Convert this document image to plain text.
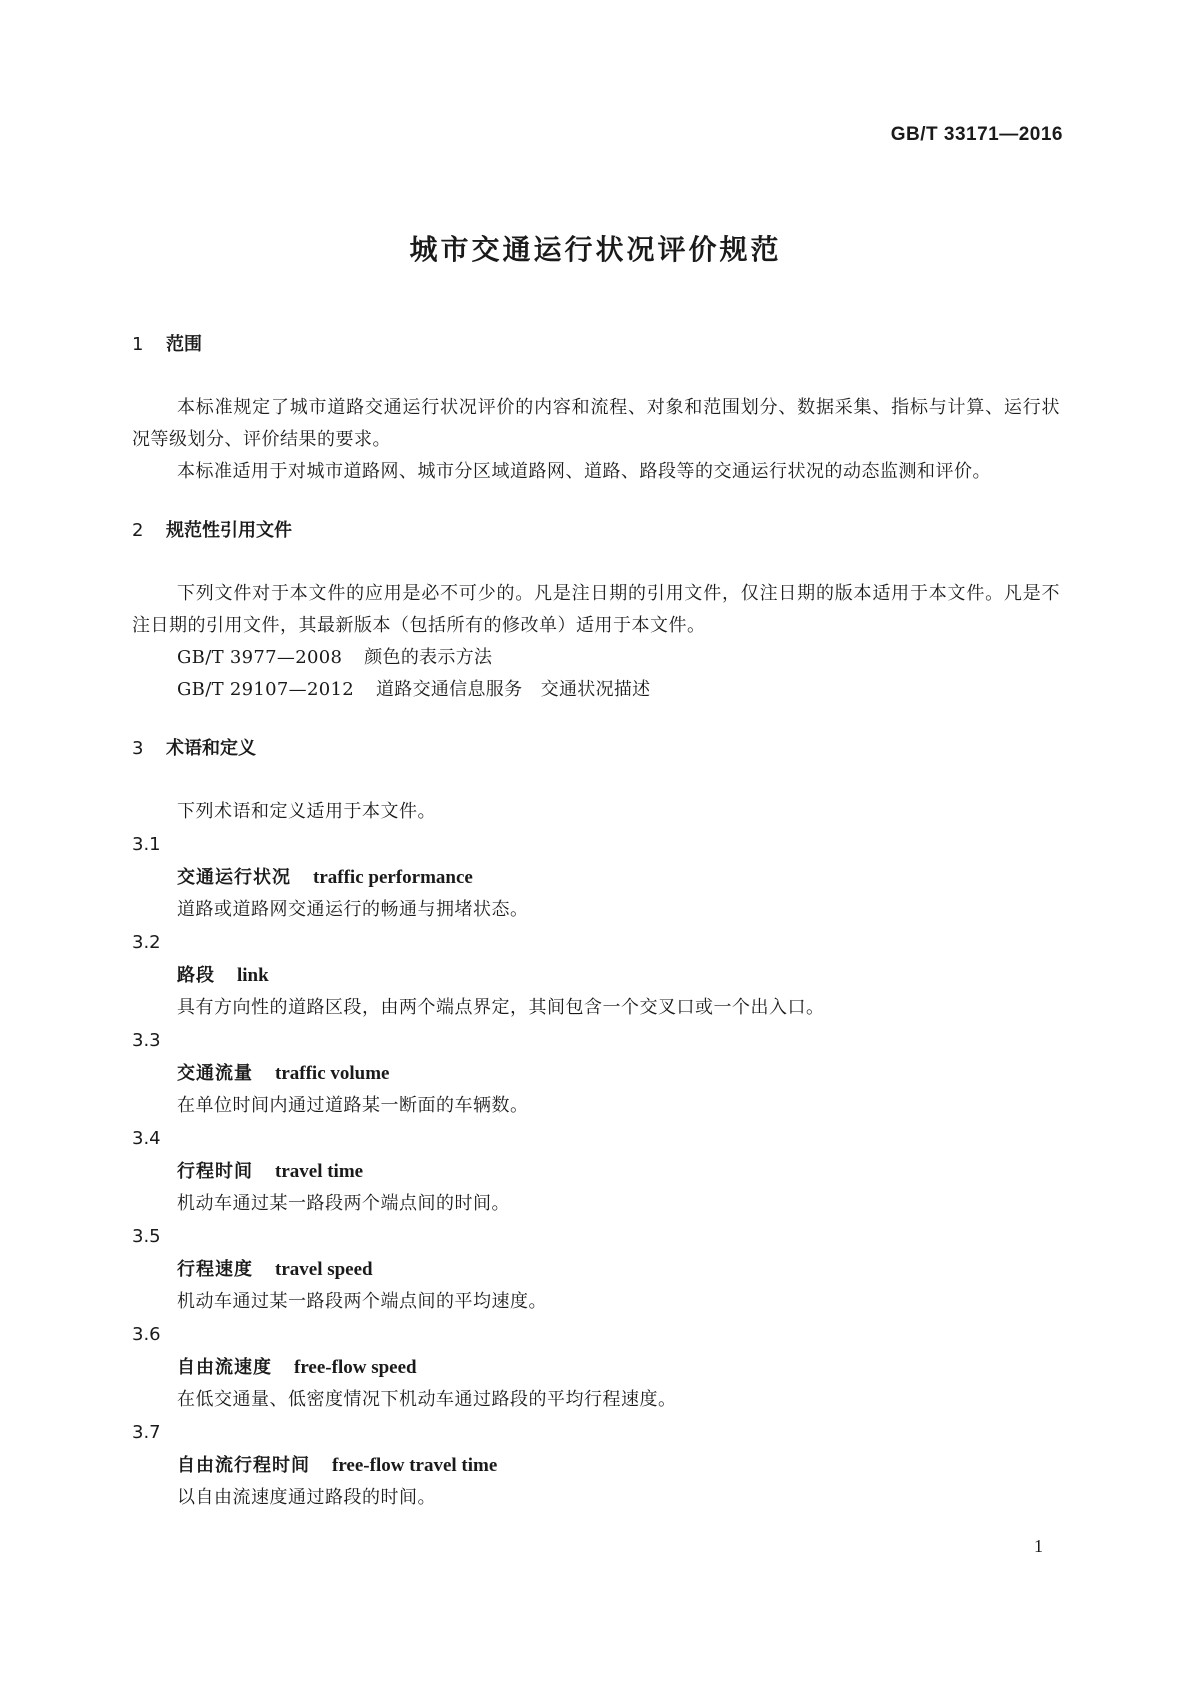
GB/T 33171—2016
城市交通运行状况评价规范
1 范围
本标准规定了城市道路交通运行状况评价的内容和流程、对象和范围划分、数据采集、指标与计算、运行状况等级划分、评价结果的要求。
本标准适用于对城市道路网、城市分区域道路网、道路、路段等的交通运行状况的动态监测和评价。
2 规范性引用文件
下列文件对于本文件的应用是必不可少的。凡是注日期的引用文件，仅注日期的版本适用于本文件。凡是不注日期的引用文件，其最新版本（包括所有的修改单）适用于本文件。
GB/T 3977—2008 颜色的表示方法
GB/T 29107—2012 道路交通信息服务　交通状况描述
3 术语和定义
下列术语和定义适用于本文件。
3.1
交通运行状况 traffic performance
道路或道路网交通运行的畅通与拥堵状态。
3.2
路段 link
具有方向性的道路区段，由两个端点界定，其间包含一个交叉口或一个出入口。
3.3
交通流量 traffic volume
在单位时间内通过道路某一断面的车辆数。
3.4
行程时间 travel time
机动车通过某一路段两个端点间的时间。
3.5
行程速度 travel speed
机动车通过某一路段两个端点间的平均速度。
3.6
自由流速度 free-flow speed
在低交通量、低密度情况下机动车通过路段的平均行程速度。
3.7
自由流行程时间 free-flow travel time
以自由流速度通过路段的时间。
1
